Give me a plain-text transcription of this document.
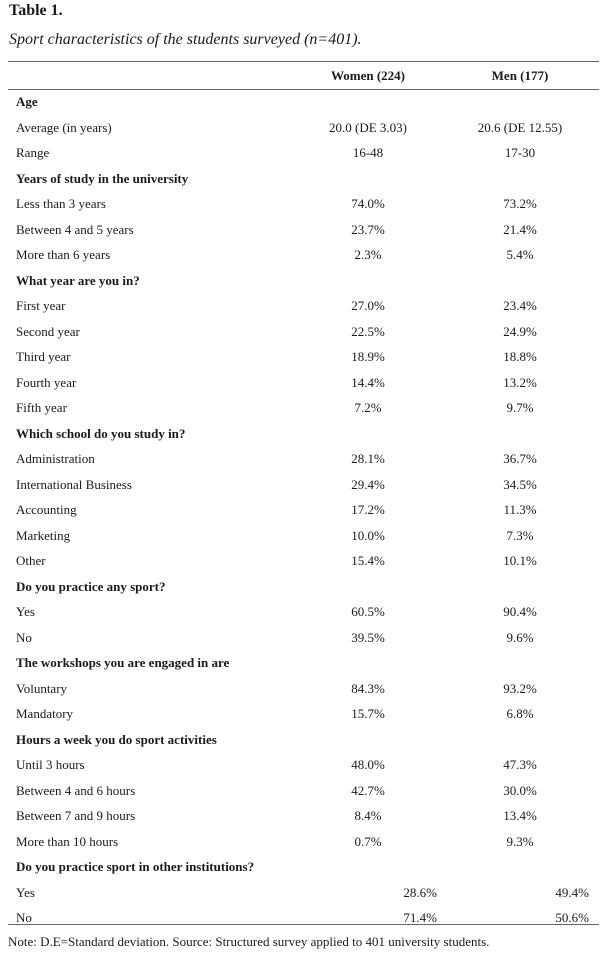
Table 1.
Sport characteristics of the students surveyed (n=401).
Women (224)	Men (177)
Age
Average (in years)	20.0 (DE 3.03)	20.6 (DE 12.55)
Range	16-48	17-30
Years of study in the university
Less than 3 years	74.0%	73.2%
Between 4 and 5 years	23.7%	21.4%
More than 6 years	2.3%	5.4%
What year are you in?
First year	27.0%	23.4%
Second year	22.5%	24.9%
Third year	18.9%	18.8%
Fourth year	14.4%	13.2%
Fifth year	7.2%	9.7%
Which school do you study in?
Administration	28.1%	36.7%
International Business	29.4%	34.5%
Accounting	17.2%	11.3%
Marketing	10.0%	7.3%
Other	15.4%	10.1%
Do you practice any sport?
Yes	60.5%	90.4%
No	39.5%	9.6%
The workshops you are engaged in are
Voluntary	84.3%	93.2%
Mandatory	15.7%	6.8%
Hours a week you do sport activities
Until 3 hours	48.0%	47.3%
Between 4 and 6 hours	42.7%	30.0%
Between 7 and 9 hours	8.4%	13.4%
More than 10 hours	0.7%	9.3%
Do you practice sport in other institutions?
Yes	28.6%	49.4%
No	71.4%	50.6%
Note: D.E=Standard deviation. Source: Structured survey applied to 401 university students.
